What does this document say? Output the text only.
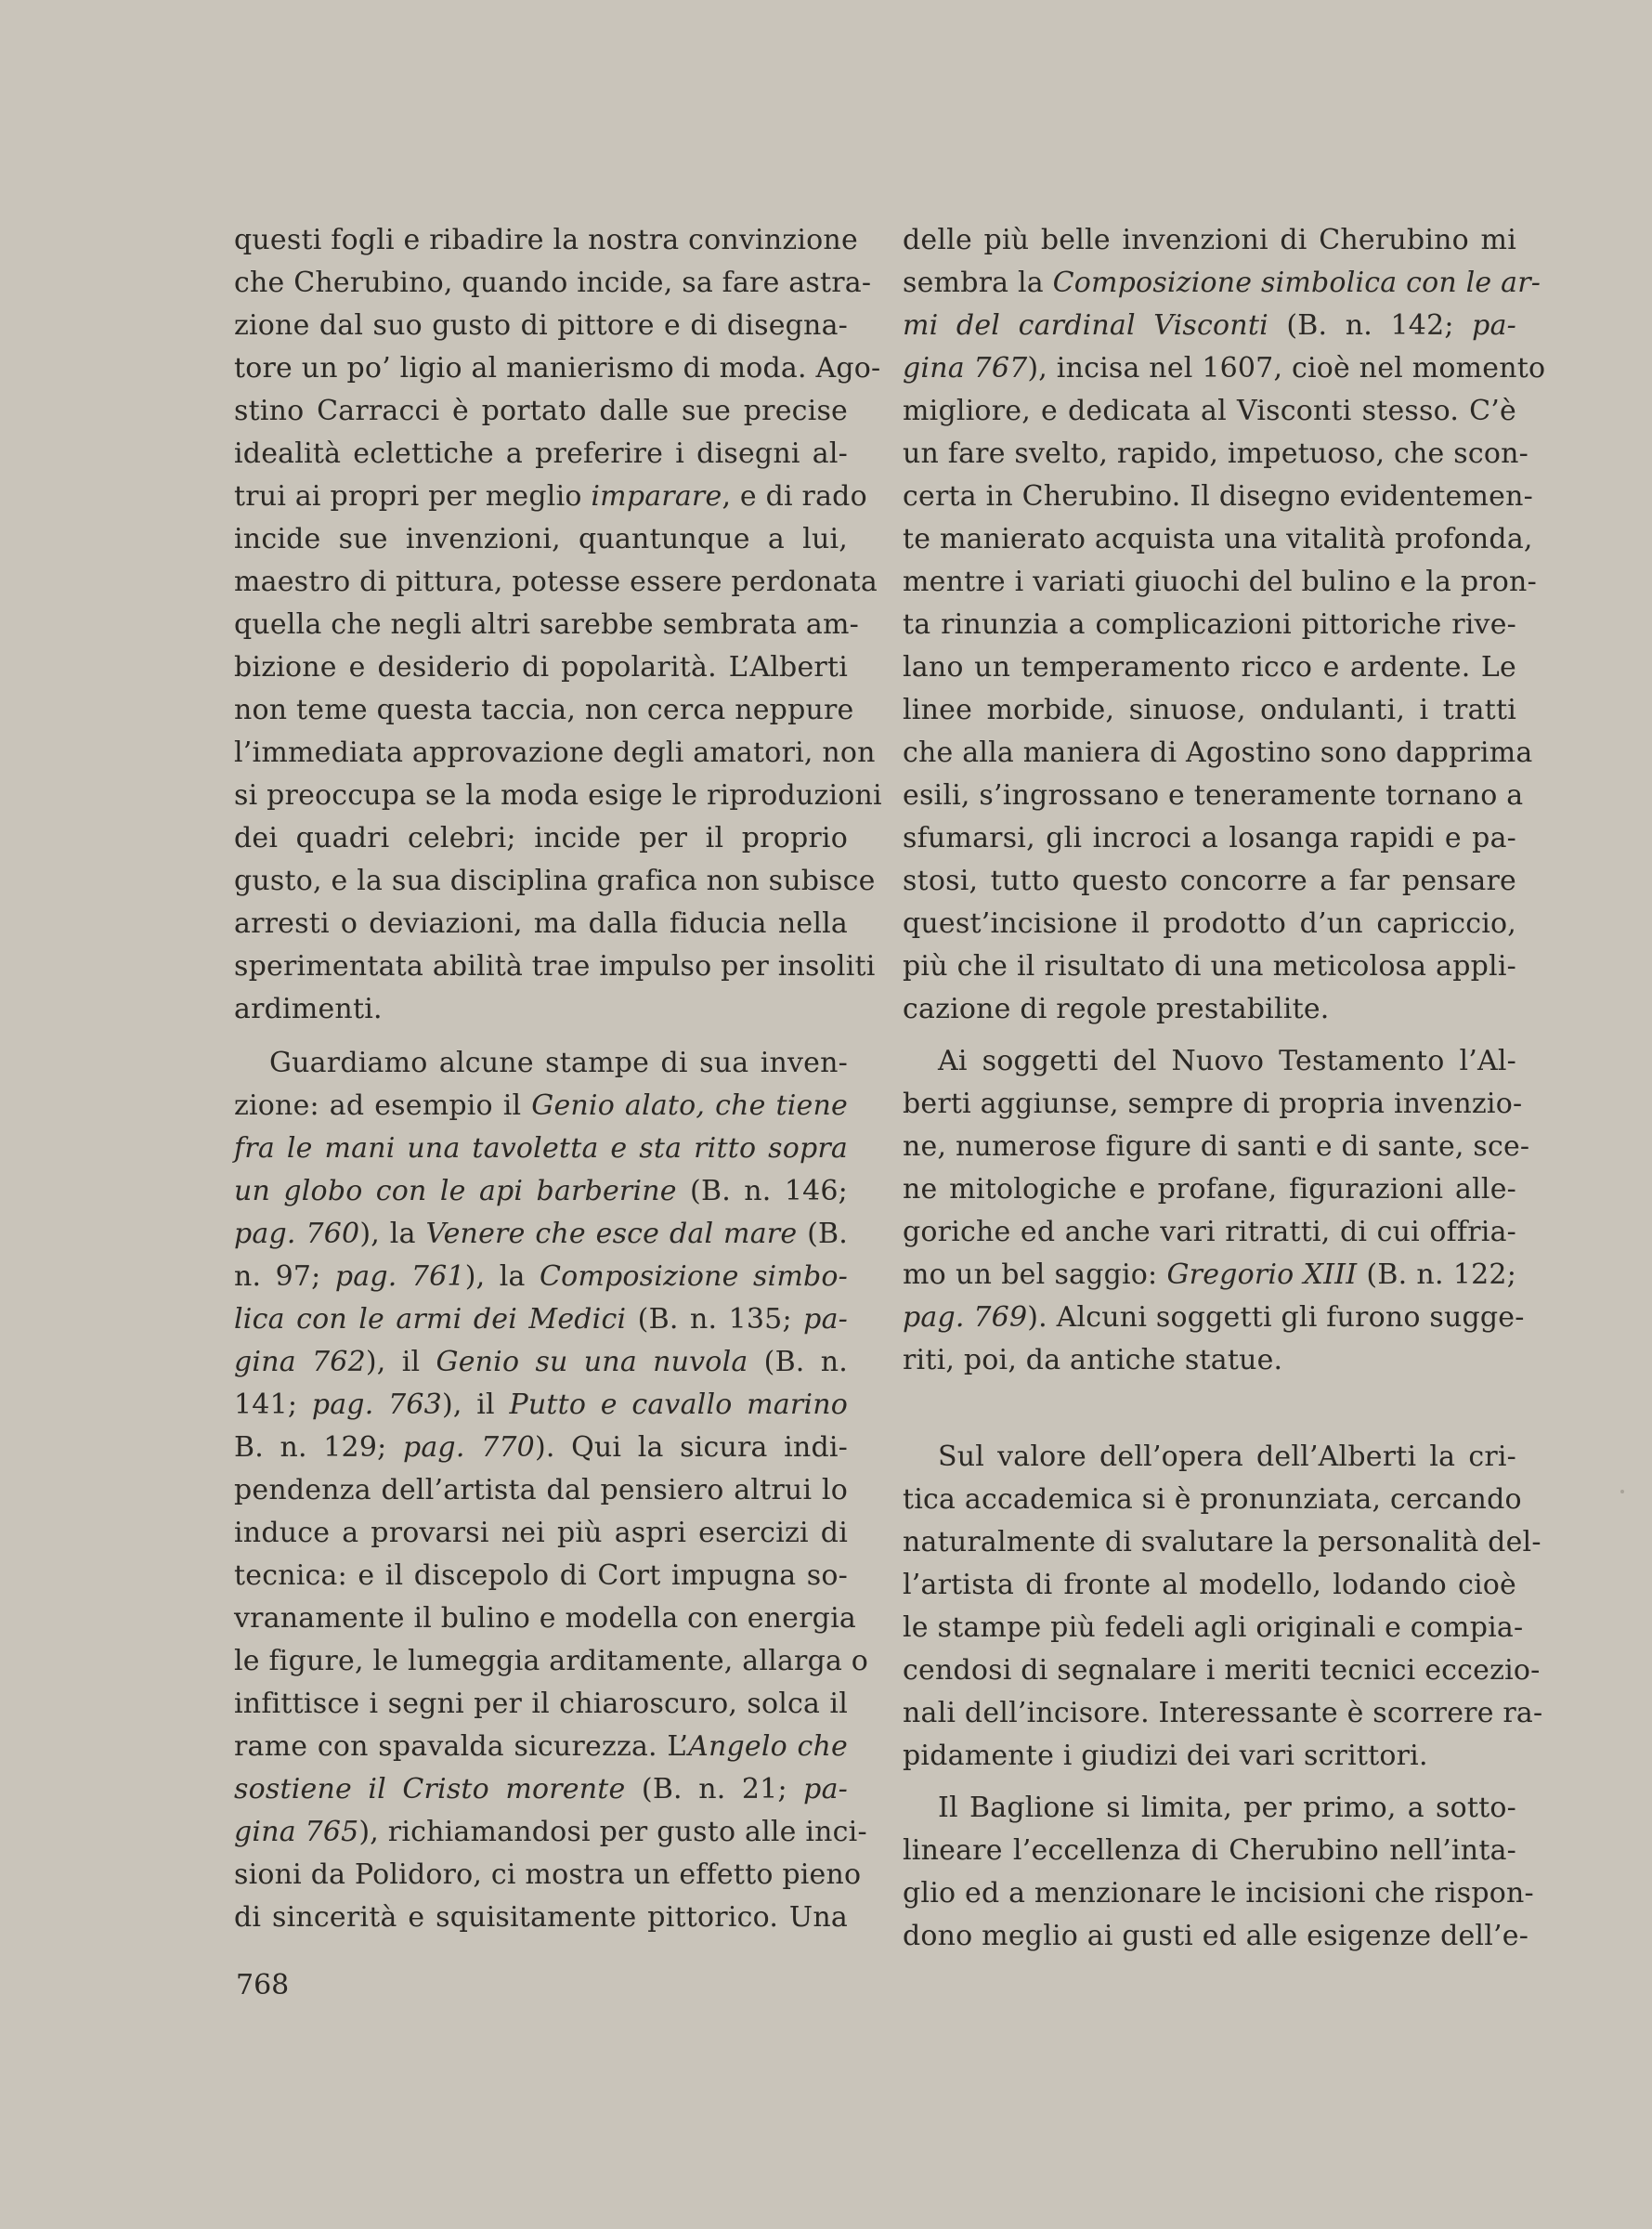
questi fogli e ribadire la nostra convinzione
che Cherubino, quando incide, sa fare astra-
zione dal suo gusto di pittore e di disegna-
tore un po’ ligio al manierismo di moda. Ago-
stino Carracci è portato dalle sue precise
idealità eclettiche a preferire i disegni al-
trui ai propri per meglio imparare, e di rado
incide sue invenzioni, quantunque a lui,
maestro di pittura, potesse essere perdonata
quella che negli altri sarebbe sembrata am-
bizione e desiderio di popolarità. L’Alberti
non teme questa taccia, non cerca neppure
l’immediata approvazione degli amatori, non
si preoccupa se la moda esige le riproduzioni
dei quadri celebri; incide per il proprio
gusto, e la sua disciplina grafica non subisce
arresti o deviazioni, ma dalla fiducia nella
sperimentata abilità trae impulso per insoliti
ardimenti.
Guardiamo alcune stampe di sua inven-
zione: ad esempio il Genio alato, che tiene
fra le mani una tavoletta e sta ritto sopra
un globo con le api barberine (B. n. 146;
pag. 760), la Venere che esce dal mare (B.
n. 97; pag. 761), la Composizione simbo-
lica con le armi dei Medici (B. n. 135; pa-
gina 762), il Genio su una nuvola (B. n.
141; pag. 763), il Putto e cavallo marino
B. n. 129; pag. 770). Qui la sicura indi-
pendenza dell’artista dal pensiero altrui lo
induce a provarsi nei più aspri esercizi di
tecnica: e il discepolo di Cort impugna so-
vranamente il bulino e modella con energia
le figure, le lumeggia arditamente, allarga o
infittisce i segni per il chiaroscuro, solca il
rame con spavalda sicurezza. L’Angelo che
sostiene il Cristo morente (B. n. 21; pa-
gina 765), richiamandosi per gusto alle inci-
sioni da Polidoro, ci mostra un effetto pieno
di sincerità e squisitamente pittorico. Una
delle più belle invenzioni di Cherubino mi
sembra la Composizione simbolica con le ar-
mi del cardinal Visconti (B. n. 142; pa-
gina 767), incisa nel 1607, cioè nel momento
migliore, e dedicata al Visconti stesso. C’è
un fare svelto, rapido, impetuoso, che scon-
certa in Cherubino. Il disegno evidentemen-
te manierato acquista una vitalità profonda,
mentre i variati giuochi del bulino e la pron-
ta rinunzia a complicazioni pittoriche rive-
lano un temperamento ricco e ardente. Le
linee morbide, sinuose, ondulanti, i tratti
che alla maniera di Agostino sono dapprima
esili, s’ingrossano e teneramente tornano a
sfumarsi, gli incroci a losanga rapidi e pa-
stosi, tutto questo concorre a far pensare
quest’incisione il prodotto d’un capriccio,
più che il risultato di una meticolosa appli-
cazione di regole prestabilite.
Ai soggetti del Nuovo Testamento l’Al-
berti aggiunse, sempre di propria invenzio-
ne, numerose figure di santi e di sante, sce-
ne mitologiche e profane, figurazioni alle-
goriche ed anche vari ritratti, di cui offria-
mo un bel saggio: Gregorio XIII (B. n. 122;
pag. 769). Alcuni soggetti gli furono sugge-
riti, poi, da antiche statue.
Sul valore dell’opera dell’Alberti la cri-
tica accademica si è pronunziata, cercando
naturalmente di svalutare la personalità del-
l’artista di fronte al modello, lodando cioè
le stampe più fedeli agli originali e compia-
cendosi di segnalare i meriti tecnici eccezio-
nali dell’incisore. Interessante è scorrere ra-
pidamente i giudizi dei vari scrittori.
Il Baglione si limita, per primo, a sotto-
lineare l’eccellenza di Cherubino nell’inta-
glio ed a menzionare le incisioni che rispon-
dono meglio ai gusti ed alle esigenze dell’e-
768
